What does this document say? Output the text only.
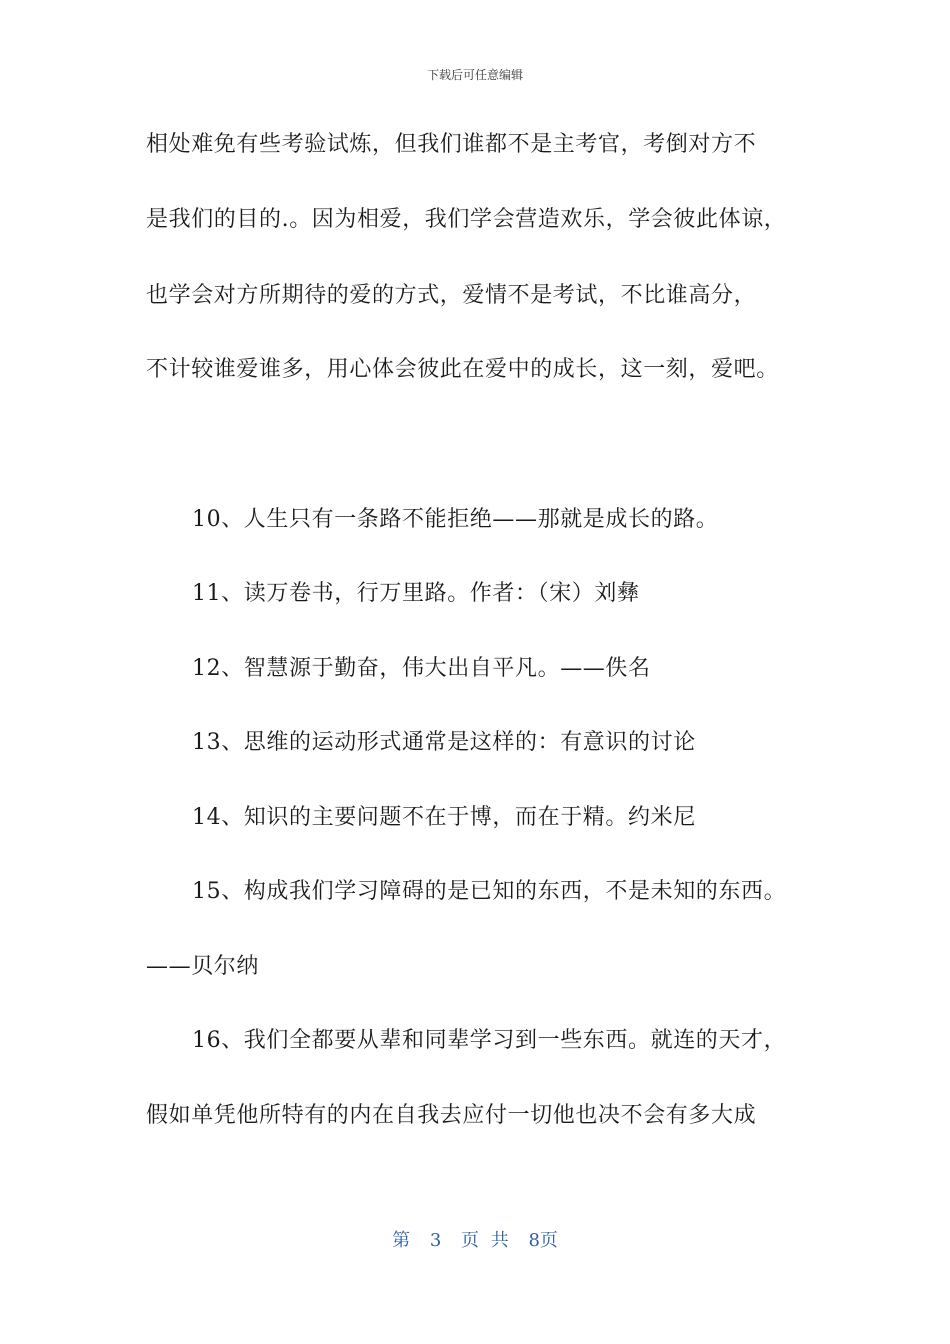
下载后可任意编辑
相处难免有些考验试炼，但我们谁都不是主考官，考倒对方不
是我们的目的.。因为相爱，我们学会营造欢乐，学会彼此体谅，
也学会对方所期待的爱的方式，爱情不是考试，不比谁高分，
不计较谁爱谁多，用心体会彼此在爱中的成长，这一刻，爱吧。
10、人生只有一条路不能拒绝——那就是成长的路。
11、读万卷书，行万里路。作者：（宋）刘彝
12、智慧源于勤奋，伟大出自平凡。——佚名
13、思维的运动形式通常是这样的：有意识的讨论
14、知识的主要问题不在于博，而在于精。约米尼
15、构成我们学习障碍的是已知的东西，不是未知的东西。
——贝尔纳
16、我们全都要从辈和同辈学习到一些东西。就连的天才，
假如单凭他所特有的内在自我去应付一切他也决不会有多大成
第 3 页 共 8页
